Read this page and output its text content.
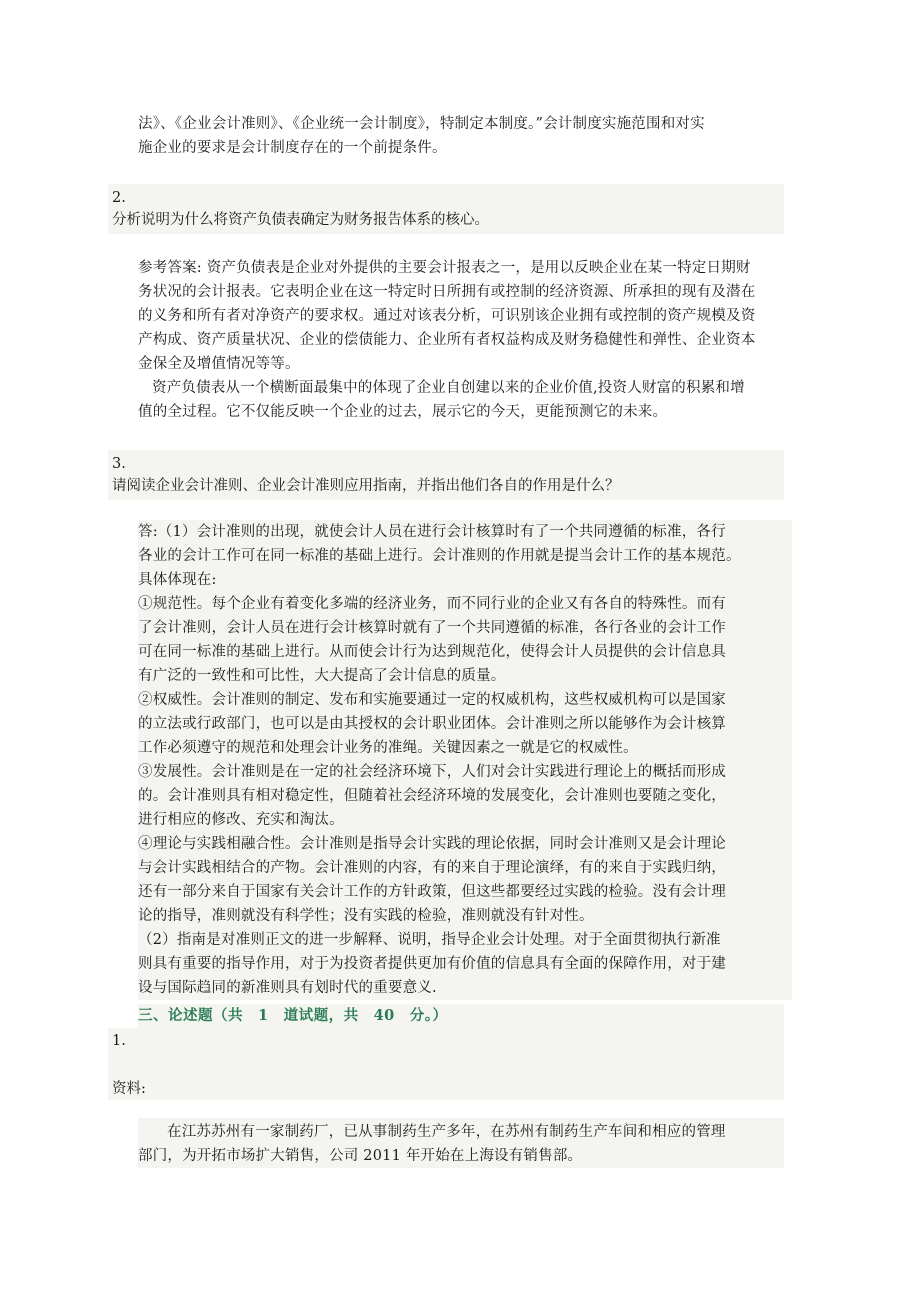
法》、《企业会计准则》、《企业统一会计制度》，特制定本制度。”会计制度实施范围和对实
施企业的要求是会计制度存在的一个前提条件。
2.
分析说明为什么将资产负债表确定为财务报告体系的核心。
参考答案: 资产负债表是企业对外提供的主要会计报表之一，是用以反映企业在某一特定日期财
务状况的会计报表。它表明企业在这一特定时日所拥有或控制的经济资源、所承担的现有及潜在
的义务和所有者对净资产的要求权。通过对该表分析，可识别该企业拥有或控制的资产规模及资
产构成、资产质量状况、企业的偿债能力、企业所有者权益构成及财务稳健性和弹性、企业资本
金保全及增值情况等等。
资产负债表从一个横断面最集中的体现了企业自创建以来的企业价值,投资人财富的积累和增
值的全过程。它不仅能反映一个企业的过去，展示它的今天，更能预测它的未来。
3.
请阅读企业会计准则、企业会计准则应用指南，并指出他们各自的作用是什么？
答:（1）会计准则的出现，就使会计人员在进行会计核算时有了一个共同遵循的标准，各行
各业的会计工作可在同一标准的基础上进行。会计准则的作用就是提当会计工作的基本规范。
具体体现在:
①规范性。每个企业有着变化多端的经济业务，而不同行业的企业又有各自的特殊性。而有
了会计准则，会计人员在进行会计核算时就有了一个共同遵循的标准，各行各业的会计工作
可在同一标准的基础上进行。从而使会计行为达到规范化，使得会计人员提供的会计信息具
有广泛的一致性和可比性，大大提高了会计信息的质量。
②权威性。会计准则的制定、发布和实施要通过一定的权威机构，这些权威机构可以是国家
的立法或行政部门，也可以是由其授权的会计职业团体。会计准则之所以能够作为会计核算
工作必须遵守的规范和处理会计业务的准绳。关键因素之一就是它的权威性。
③发展性。会计准则是在一定的社会经济环境下，人们对会计实践进行理论上的概括而形成
的。会计准则具有相对稳定性，但随着社会经济环境的发展变化，会计准则也要随之变化，
进行相应的修改、充实和淘汰。
④理论与实践相融合性。会计准则是指导会计实践的理论依据，同时会计准则又是会计理论
与会计实践相结合的产物。会计准则的内容，有的来自于理论演绎，有的来自于实践归纳，
还有一部分来自于国家有关会计工作的方针政策，但这些都要经过实践的检验。没有会计理
论的指导，准则就没有科学性；没有实践的检验，准则就没有针对性。
（2）指南是对准则正文的进一步解释、说明，指导企业会计处理。对于全面贯彻执行新准
则具有重要的指导作用，对于为投资者提供更加有价值的信息具有全面的保障作用，对于建
设与国际趋同的新准则具有划时代的重要意义.
三、论述题（共　1　道试题，共　40　分。）
1.
资料:
在江苏苏州有一家制药厂，已从事制药生产多年，在苏州有制药生产车间和相应的管理
部门，为开拓市场扩大销售，公司 2011 年开始在上海设有销售部。
